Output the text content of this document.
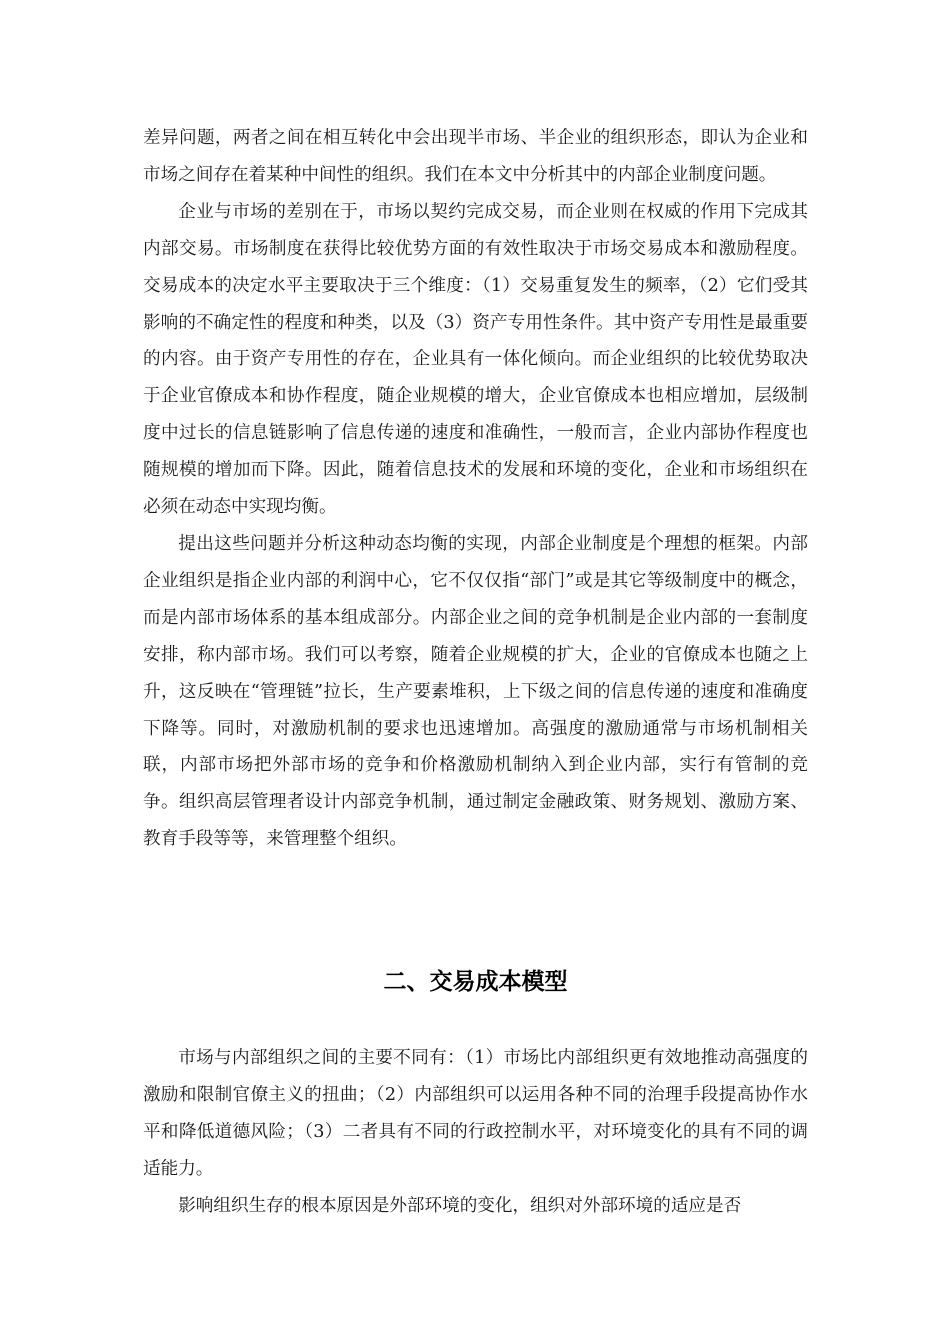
差异问题，两者之间在相互转化中会出现半市场、半企业的组织形态，即认为企业和市场之间存在着某种中间性的组织。我们在本文中分析其中的内部企业制度问题。

企业与市场的差别在于，市场以契约完成交易，而企业则在权威的作用下完成其内部交易。市场制度在获得比较优势方面的有效性取决于市场交易成本和激励程度。交易成本的决定水平主要取决于三个维度：（1）交易重复发生的频率，（2）它们受其影响的不确定性的程度和种类，以及（3）资产专用性条件。其中资产专用性是最重要的内容。由于资产专用性的存在，企业具有一体化倾向。而企业组织的比较优势取决于企业官僚成本和协作程度，随企业规模的增大，企业官僚成本也相应增加，层级制度中过长的信息链影响了信息传递的速度和准确性，一般而言，企业内部协作程度也随规模的增加而下降。因此，随着信息技术的发展和环境的变化，企业和市场组织在必须在动态中实现均衡。

提出这些问题并分析这种动态均衡的实现，内部企业制度是个理想的框架。内部企业组织是指企业内部的利润中心，它不仅仅指“部门”或是其它等级制度中的概念，而是内部市场体系的基本组成部分。内部企业之间的竞争机制是企业内部的一套制度安排，称内部市场。我们可以考察，随着企业规模的扩大，企业的官僚成本也随之上升，这反映在“管理链”拉长，生产要素堆积，上下级之间的信息传递的速度和准确度下降等。同时，对激励机制的要求也迅速增加。高强度的激励通常与市场机制相关联，内部市场把外部市场的竞争和价格激励机制纳入到企业内部，实行有管制的竞争。组织高层管理者设计内部竞争机制，通过制定金融政策、财务规划、激励方案、教育手段等等，来管理整个组织。

二、交易成本模型

市场与内部组织之间的主要不同有：（1）市场比内部组织更有效地推动高强度的激励和限制官僚主义的扭曲；（2）内部组织可以运用各种不同的治理手段提高协作水平和降低道德风险；（3）二者具有不同的行政控制水平，对环境变化的具有不同的调适能力。

影响组织生存的根本原因是外部环境的变化，组织对外部环境的适应是否
